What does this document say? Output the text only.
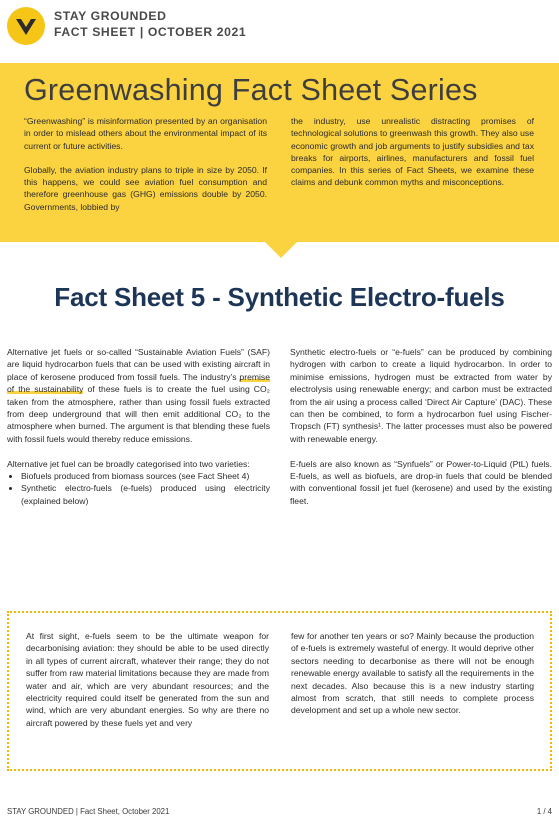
STAY GROUNDED
FACT SHEET | OCTOBER 2021
Greenwashing Fact Sheet Series

“Greenwashing” is misinformation presented by an organisation in order to mislead others about the environmental impact of its current or future activities.

Globally, the aviation industry plans to triple in size by 2050. If this happens, we could see aviation fuel consumption and therefore greenhouse gas (GHG) emissions double by 2050. Governments, lobbied by

the industry, use unrealistic distracting promises of technological solutions to greenwash this growth. They also use economic growth and job arguments to justify subsidies and tax breaks for airports, airlines, manufacturers and fossil fuel companies. In this series of Fact Sheets, we examine these claims and debunk common myths and misconceptions.

Fact Sheet 5 - Synthetic Electro-fuels

Alternative jet fuels or so-called “Sustainable Aviation Fuels” (SAF) are liquid hydrocarbon fuels that can be used with existing aircraft in place of kerosene produced from fossil fuels. The industry’s premise of the sustainability of these fuels is to create the fuel using CO₂ taken from the atmosphere, rather than using fossil fuels extracted from deep underground that will then emit additional CO₂ to the atmosphere when burned. The argument is that blending these fuels with fossil fuels would thereby reduce emissions.

Alternative jet fuel can be broadly categorised into two varieties:

• Biofuels produced from biomass sources (see Fact Sheet 4)
• Synthetic electro-fuels (e-fuels) produced using electricity (explained below)

Synthetic electro-fuels or “e-fuels” can be produced by combining hydrogen with carbon to create a liquid hydrocarbon. In order to minimise emissions, hydrogen must be extracted from water by electrolysis using renewable energy; and carbon must be extracted from the air using a process called ‘Direct Air Capture’ (DAC). These can then be combined, to form a hydrocarbon fuel using Fischer-Tropsch (FT) synthesis¹. The latter processes must also be powered with renewable energy.

E-fuels are also known as “Synfuels” or Power-to-Liquid (PtL) fuels. E-fuels, as well as biofuels, are drop-in fuels that could be blended with conventional fossil jet fuel (kerosene) and used by the existing fleet.

At first sight, e-fuels seem to be the ultimate weapon for decarbonising aviation: they should be able to be used directly in all types of current aircraft, whatever their range; they do not suffer from raw material limitations because they are made from water and air, which are very abundant resources; and the electricity required could itself be generated from the sun and wind, which are very abundant energies. So why are there no aircraft powered by these fuels yet and very
few for another ten years or so? Mainly because the production of e-fuels is extremely wasteful of energy. It would deprive other sectors needing to decarbonise as there will not be enough renewable energy available to satisfy all the requirements in the next decades. Also because this is a new industry starting almost from scratch, that still needs to complete process development and set up a whole new sector.
STAY GROUNDED | Fact Sheet, October 2021	1 / 4
